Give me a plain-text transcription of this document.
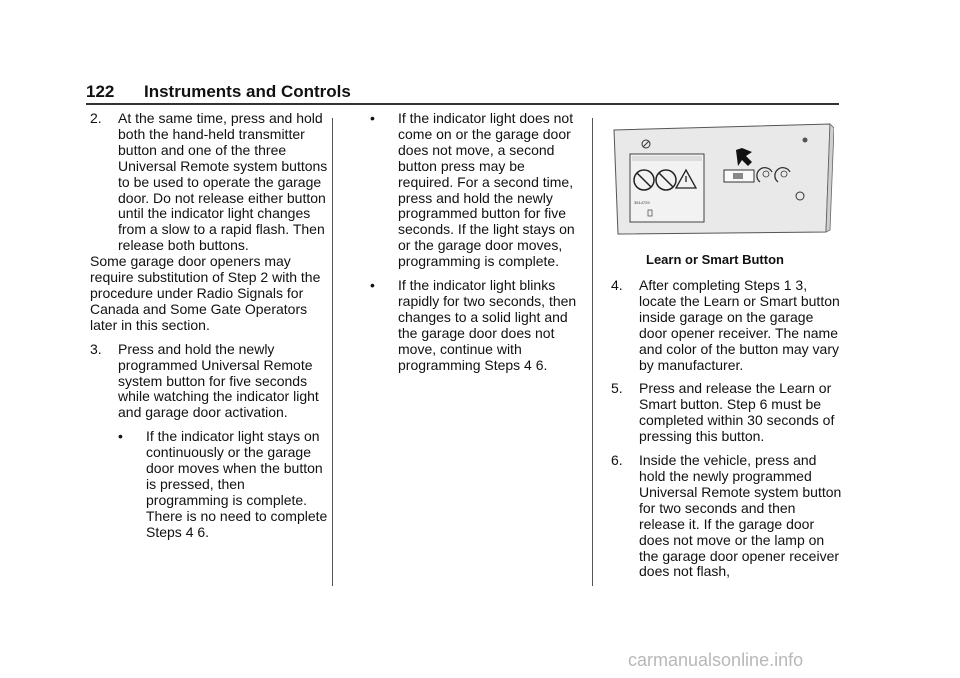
122 Instruments and Controls
2. At the same time, press and hold both the hand-held transmitter button and one of the three Universal Remote system buttons to be used to operate the garage door. Do not release either button until the indicator light changes from a slow to a rapid flash. Then release both buttons.

Some garage door openers may require substitution of Step 2 with the procedure under Radio Signals for Canada and Some Gate Operators later in this section.

3. Press and hold the newly programmed Universal Remote system button for five seconds while watching the indicator light and garage door activation.

• If the indicator light stays on continuously or the garage door moves when the button is pressed, then programming is complete. There is no need to complete Steps 4 6.

• If the indicator light does not come on or the garage door does not move, a second button press may be required. For a second time, press and hold the newly programmed button for five seconds. If the light stays on or the garage door moves, programming is complete.

• If the indicator light blinks rapidly for two seconds, then changes to a solid light and the garage door does not move, continue with programming Steps 4 6.

3514729
Learn or Smart Button
4. After completing Steps 1 3, locate the Learn or Smart button inside garage on the garage door opener receiver. The name and color of the button may vary by manufacturer.

5. Press and release the Learn or Smart button. Step 6 must be completed within 30 seconds of pressing this button.

6. Inside the vehicle, press and hold the newly programmed Universal Remote system button for two seconds and then release it. If the garage door does not move or the lamp on the garage door opener receiver does not flash,

carmanualsonline.info
